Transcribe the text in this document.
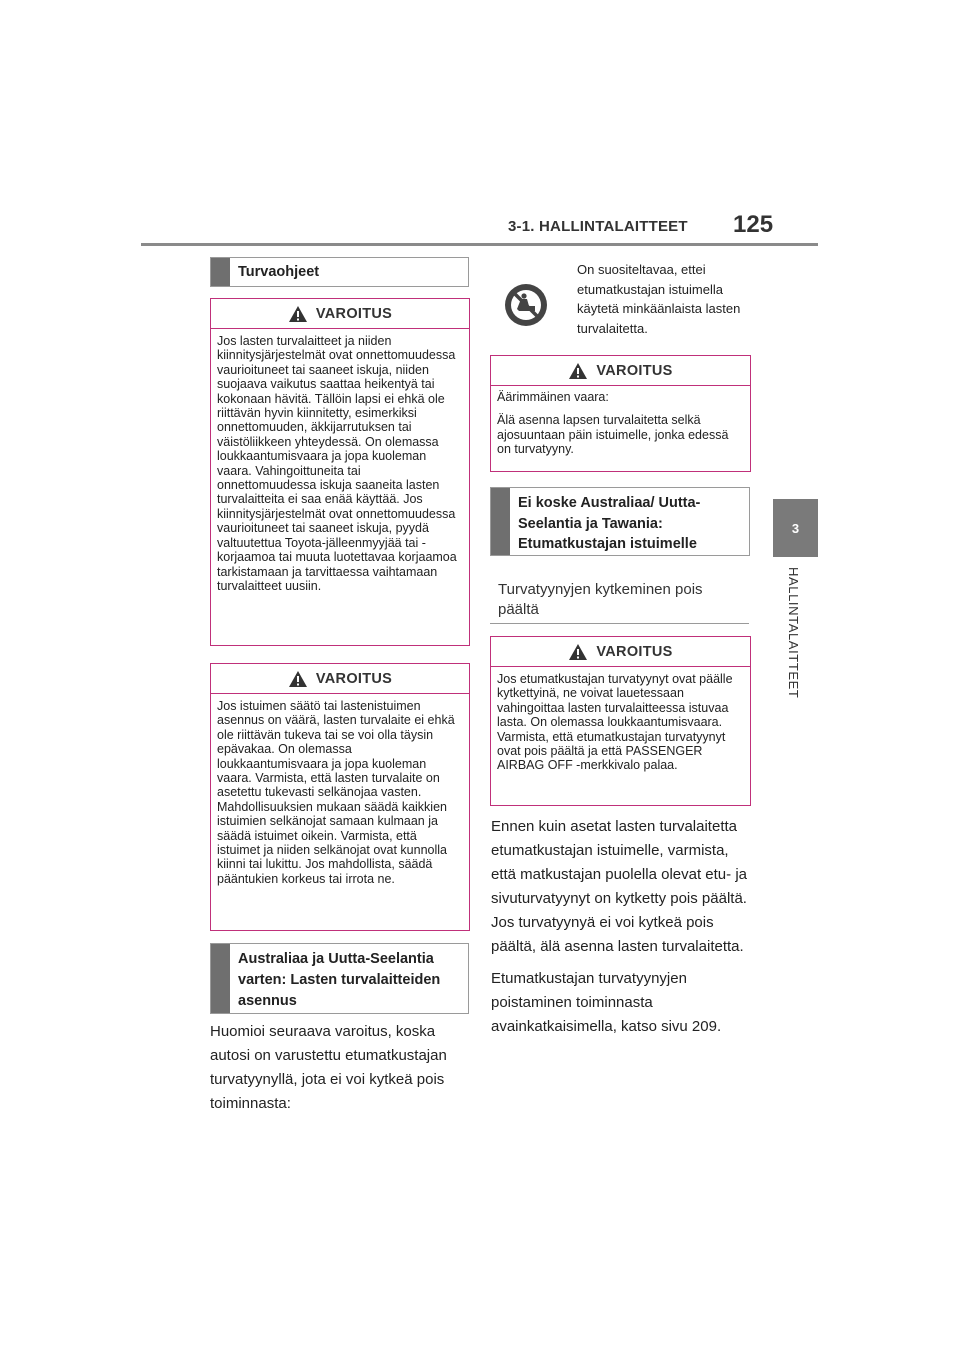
3-1. HALLINTALAITTEET 125
3
HALLINTALAITTEET
Turvaohjeet
VAROITUS

Jos lasten turvalaitteet ja niiden kiinnitysjärjestelmät ovat onnettomuudessa vaurioituneet tai saaneet iskuja, niiden suojaava vaikutus saattaa heikentyä tai kokonaan hävitä. Tällöin lapsi ei ehkä ole riittävän hyvin kiinnitetty, esimerkiksi onnettomuuden, äkkijarrutuksen tai väistöliikkeen yhteydessä. On olemassa loukkaantumisvaara ja jopa kuoleman vaara. Vahingoittuneita tai onnettomuudessa iskuja saaneita lasten turvalaitteita ei saa enää käyttää. Jos kiinnitysjärjestelmät ovat onnettomuudessa vaurioituneet tai saaneet iskuja, pyydä valtuutettua Toyota-jälleenmyyjää tai -korjaamoa tai muuta luotettavaa korjaamoa tarkistamaan ja tarvittaessa vaihtamaan turvalaitteet uusiin.

VAROITUS

Jos istuimen säätö tai lastenistuimen asennus on väärä, lasten turvalaite ei ehkä ole riittävän tukeva tai se voi olla täysin epävakaa. On olemassa loukkaantumisvaara ja jopa kuoleman vaara. Varmista, että lasten turvalaite on asetettu tukevasti selkänojaa vasten. Mahdollisuuksien mukaan säädä kaikkien istuimien selkänojat samaan kulmaan ja säädä istuimet oikein. Varmista, että istuimet ja niiden selkänojat ovat kunnolla kiinni tai lukittu. Jos mahdollista, säädä pääntukien korkeus tai irrota ne.

Australiaa ja Uutta-Seelantia varten: Lasten turvalaitteiden asennus

Huomioi seuraava varoitus, koska autosi on varustettu etumatkustajan turvatyynyllä, jota ei voi kytkeä pois toiminnasta:

On suositeltavaa, ettei etumatkustajan istuimella käytetä minkäänlaista lasten turvalaitetta.
VAROITUS

Äärimmäinen vaara:

Älä asenna lapsen turvalaitetta selkä ajosuuntaan päin istuimelle, jonka edessä on turvatyyny.

Ei koske Australiaa/ Uutta-Seelantia ja Tawania: Etumatkustajan istuimelle
Turvatyynyjen kytkeminen pois päältä
VAROITUS

Jos etumatkustajan turvatyynyt ovat päälle kytkettyinä, ne voivat lauetessaan vahingoittaa lasten turvalaitteessa istuvaa lasta. On olemassa loukkaantumisvaara. Varmista, että etumatkustajan turvatyynyt ovat pois päältä ja että PASSENGER AIRBAG OFF -merkkivalo palaa.

Ennen kuin asetat lasten turvalaitetta etumatkustajan istuimelle, varmista, että matkustajan puolella olevat etu- ja sivuturvatyynyt on kytketty pois päältä. Jos turvatyynyä ei voi kytkeä pois päältä, älä asenna lasten turvalaitetta.

Etumatkustajan turvatyynyjen poistaminen toiminnasta avainkatkaisimella, katso sivu 209.
